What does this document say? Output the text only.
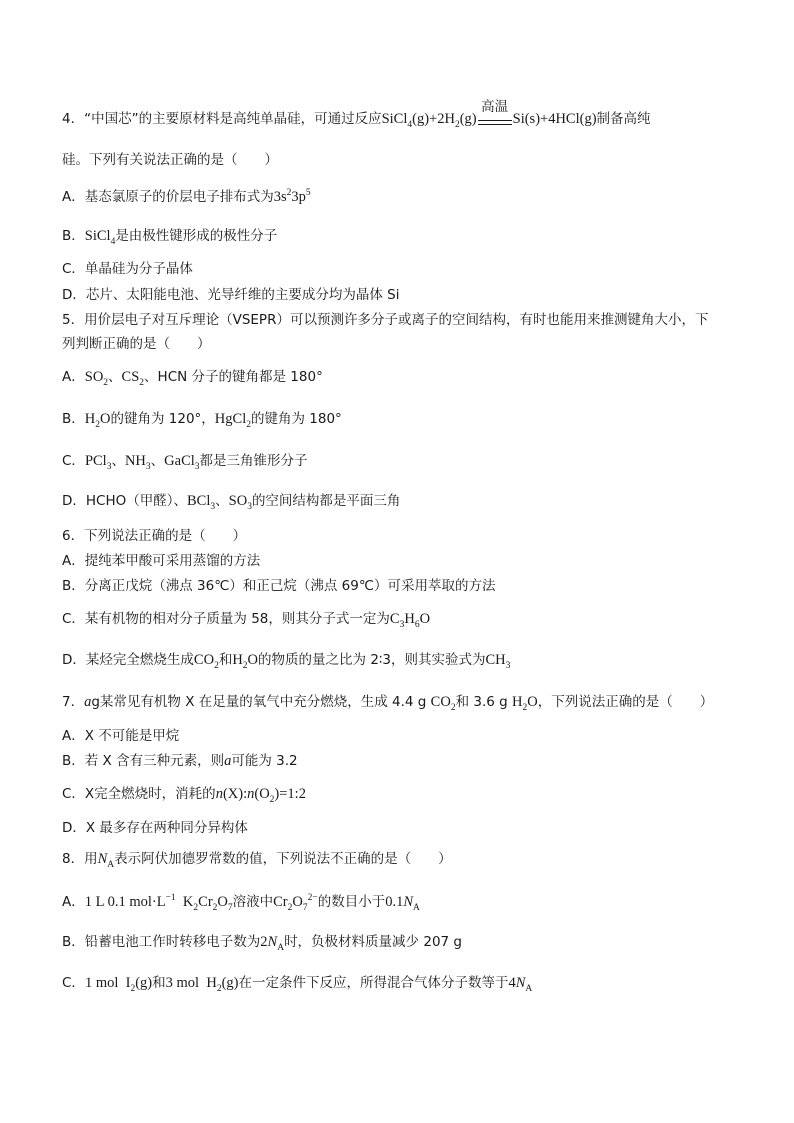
4．“中国芯”的主要原材料是高纯单晶硅，可通过反应$SiCl_4(g)+2H_2(g)$
高温
Si(s)+4HCl(g)制备高纯
硅。下列有关说法正确的是（　　）
A．基态氯原子的价层电子排布式为$3s^23p^5$
B．SiCl$_4$是由极性键形成的极性分子
C．单晶硅为分子晶体
D．芯片、太阳能电池、光导纤维的主要成分均为晶体 Si
5．用价层电子对互斥理论（VSEPR）可以预测许多分子或离子的空间结构，有时也能用来推测键角大小，下
列判断正确的是（　　）
A．$SO_2$、$CS_2$、HCN 分子的键角都是 180°
B．$H_2O$的键角为 120°，HgCl$_2$的键角为 180°
C．PCl$_3$、$NH_3$、GaCl$_3$都是三角锥形分子
D．HCHO（甲醛）、BCl$_3$、$SO_3$的空间结构都是平面三角
6．下列说法正确的是（　　）
A．提纯苯甲酸可采用蒸馏的方法
B．分离正戊烷（沸点 36℃）和正己烷（沸点 69℃）可采用萃取的方法
C．某有机物的相对分子质量为 58，则其分子式一定为$C_3H_6O$
D．某烃完全燃烧生成$CO_2$和$H_2O$的物质的量之比为 2∶3，则其实验式为$CH_3$
7．ag某常见有机物 X 在足量的氧气中充分燃烧，生成 4.4 g $CO_2$和 3.6 g $H_2O$，下列说法正确的是（　　）
A．X 不可能是甲烷
B．若 X 含有三种元素，则a可能为 3.2
C．X完全燃烧时，消耗的$n(X):n(O_2)=1:2$
D．X 最多存在两种同分异构体
8．用$N_A$表示阿伏加德罗常数的值，下列说法不正确的是（　　）
A．1 L 0.1 $mol\cdot L^{-1}$ $K_2Cr_2O_7$溶液中$Cr_2O_7^{2-}$的数目小于$0.1N_A$
B．铅蓄电池工作时转移电子数为$2N_A$时，负极材料质量减少 207 g
C．1 mol $I_2(g)$和3 mol $H_2(g)$在一定条件下反应，所得混合气体分子数等于$4N_A$
